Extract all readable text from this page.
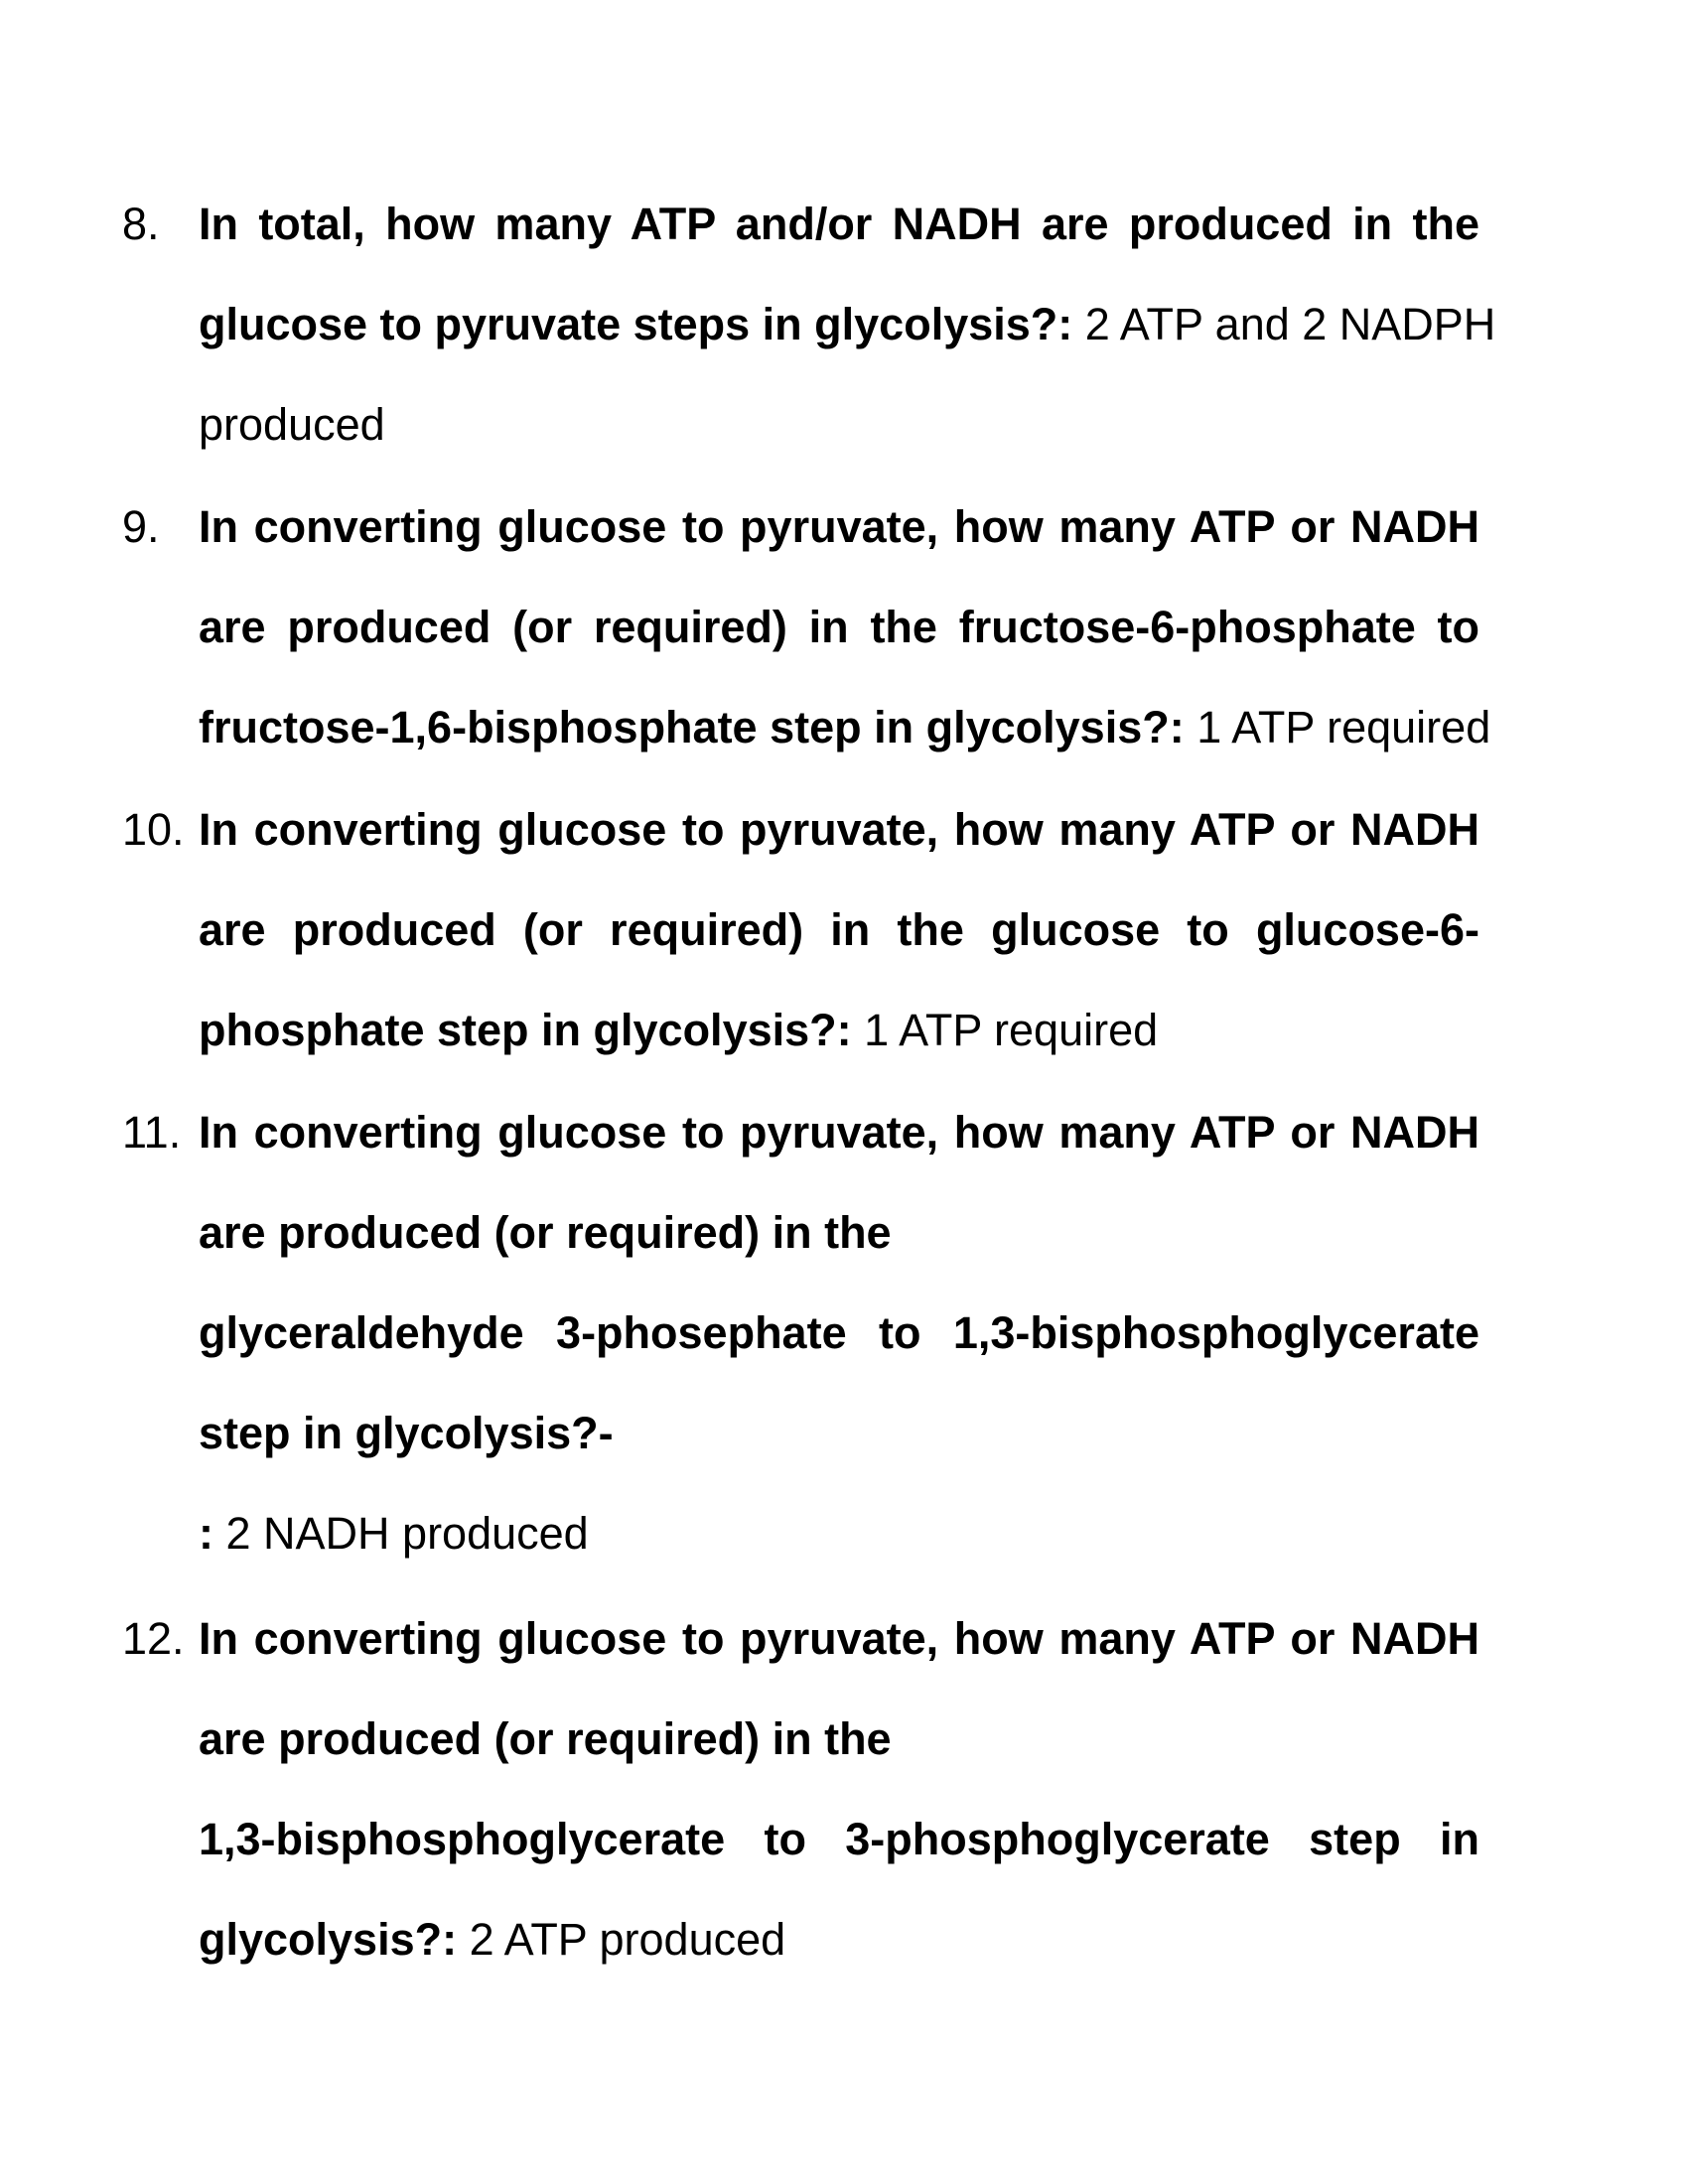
8. In total, how many ATP and/or NADH are produced in the
glucose to pyruvate steps in glycolysis?: 2 ATP and 2 NADPH
produced
9. In converting glucose to pyruvate, how many ATP or NADH
are produced (or required) in the fructose-6-phosphate to
fructose-1,6-bisphosphate step in glycolysis?: 1 ATP required
10. In converting glucose to pyruvate, how many ATP or NADH
are produced (or required) in the glucose to glucose-6-
phosphate step in glycolysis?: 1 ATP required
11. In converting glucose to pyruvate, how many ATP or NADH
are produced (or required) in the
glyceraldehyde 3-phosephate to 1,3-bisphosphoglycerate
step in glycolysis?-
: 2 NADH produced
12. In converting glucose to pyruvate, how many ATP or NADH
are produced (or required) in the
1,3-bisphosphoglycerate to 3-phosphoglycerate step in
glycolysis?: 2 ATP produced
